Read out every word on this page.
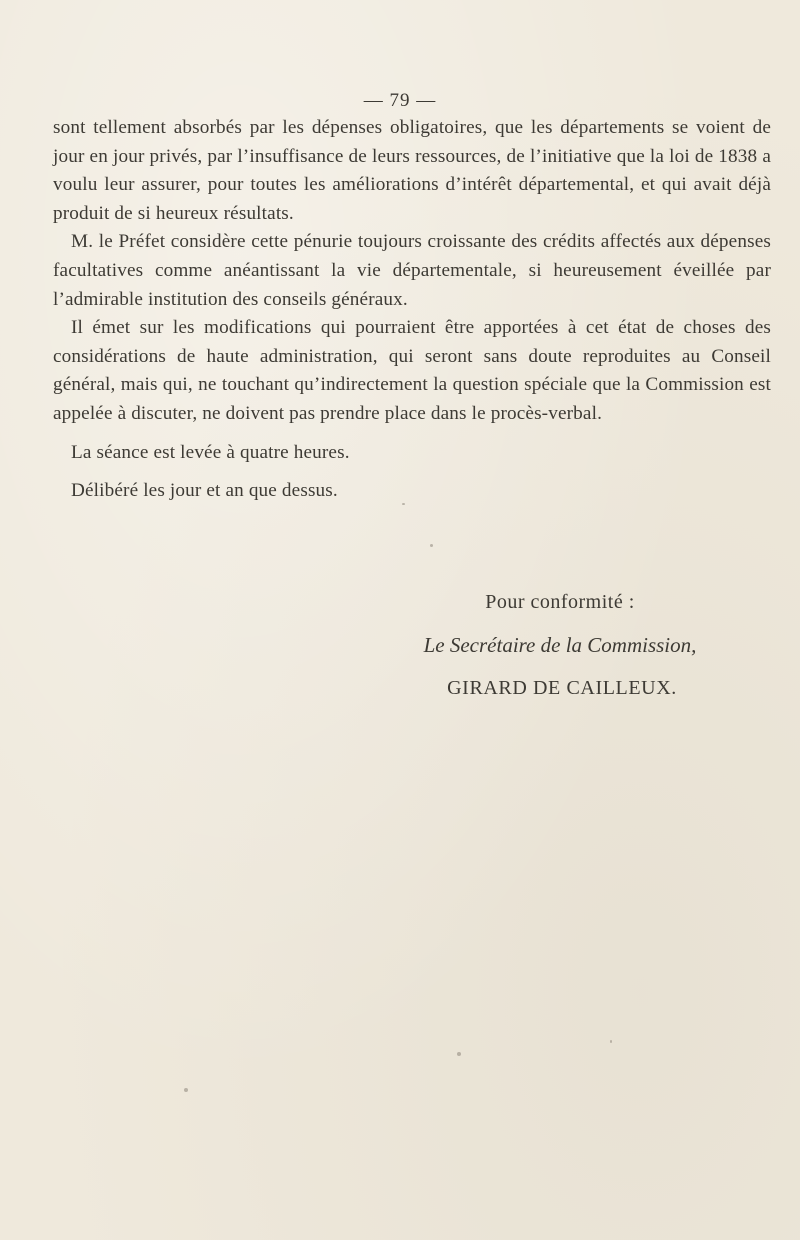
— 79 —

sont tellement absorbés par les dépenses obligatoires, que les départements se voient de jour en jour privés, par l’insuffisance de leurs ressources, de l’initiative que la loi de 1838 a voulu leur assurer, pour toutes les améliorations d’intérêt départemental, et qui avait déjà produit de si heureux résultats.

M. le Préfet considère cette pénurie toujours croissante des crédits affectés aux dépenses facultatives comme anéantissant la vie départementale, si heureusement éveillée par l’admirable institution des conseils généraux.

Il émet sur les modifications qui pourraient être apportées à cet état de choses des considérations de haute administration, qui seront sans doute reproduites au Conseil général, mais qui, ne touchant qu’indirectement la question spéciale que la Commission est appelée à discuter, ne doivent pas prendre place dans le procès-verbal.

La séance est levée à quatre heures.

Délibéré les jour et an que dessus.

Pour conformité :
Le Secrétaire de la Commission,
GIRARD DE CAILLEUX.
